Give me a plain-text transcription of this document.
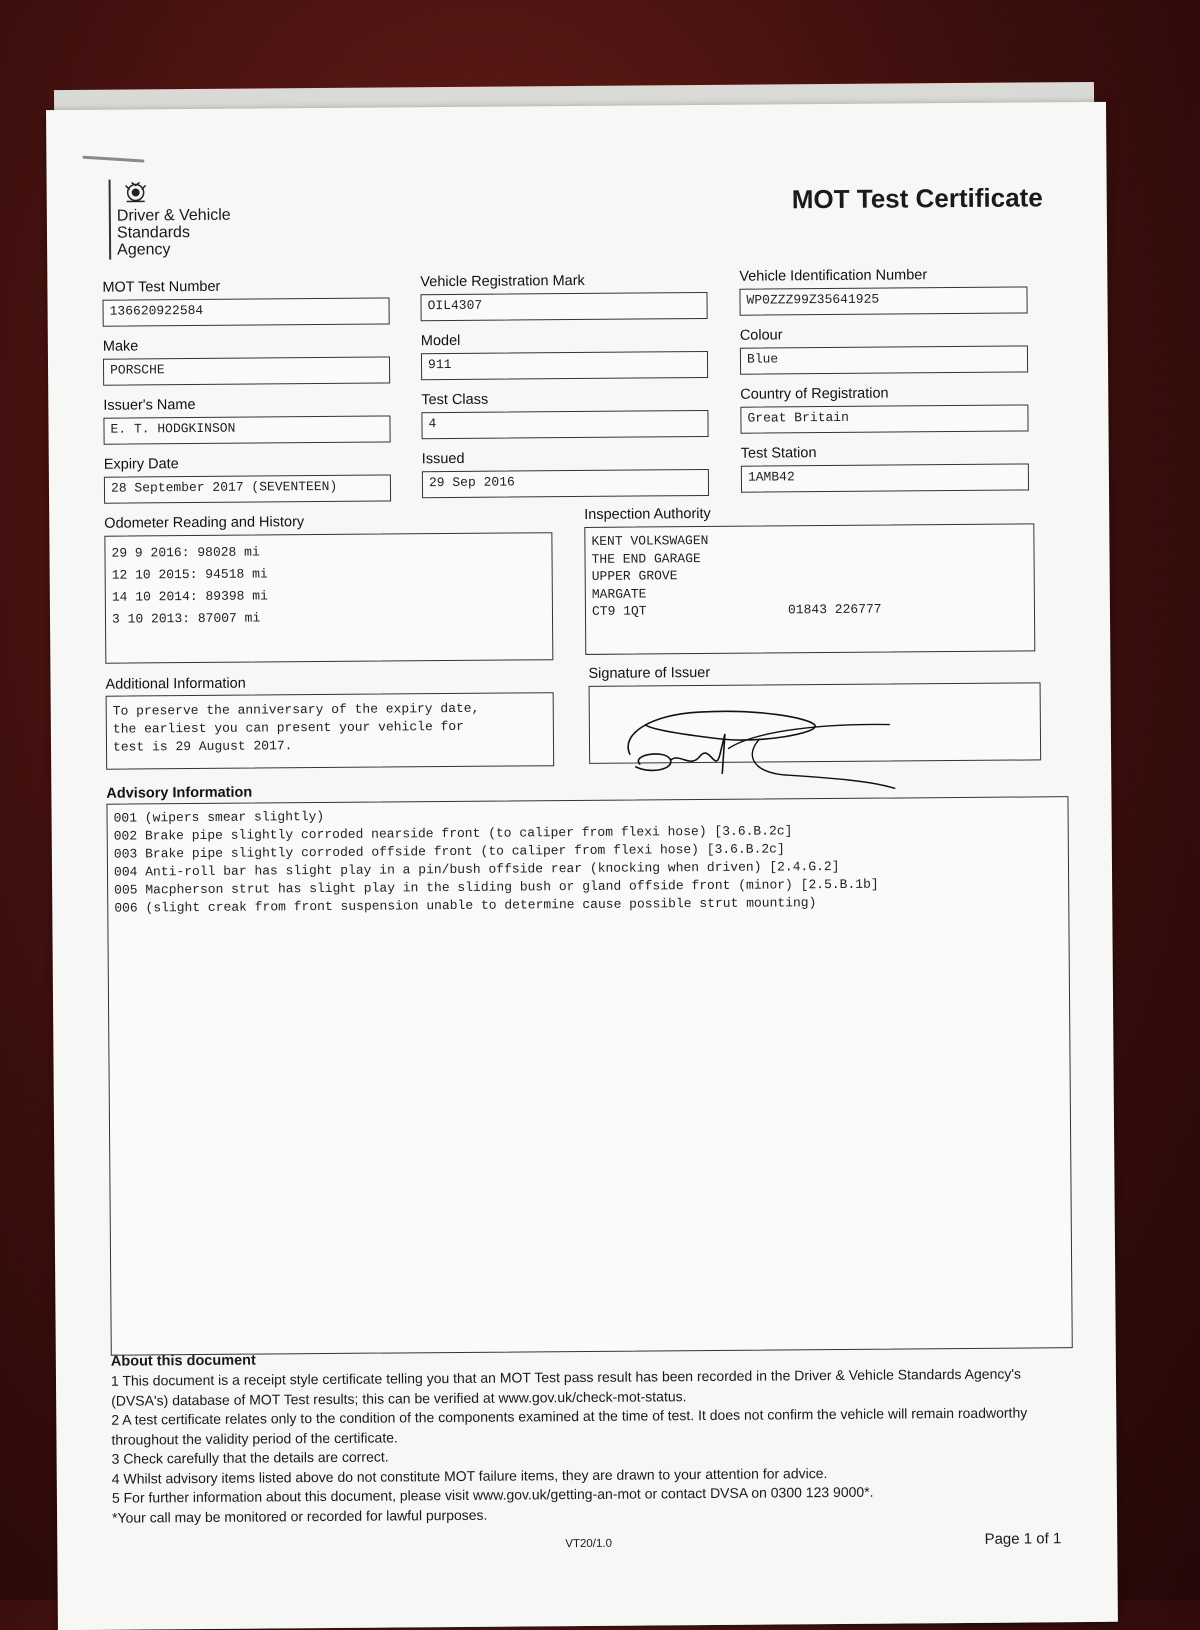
Driver & Vehicle
Standards
Agency
MOT Test Certificate
MOT Test Number
136620922584
Vehicle Registration Mark
OIL4307
Vehicle Identification Number
WP0ZZZ99Z35641925
Make
PORSCHE
Model
911
Colour
Blue
Issuer's Name
E. T. HODGKINSON
Test Class
4
Country of Registration
Great Britain
Expiry Date
28 September 2017 (SEVENTEEN)
Issued
29 Sep 2016
Test Station
1AMB42
Odometer Reading and History
29 9 2016: 98028 mi
12 10 2015: 94518 mi
14 10 2014: 89398 mi
3 10 2013: 87007 mi
Inspection Authority
KENT VOLKSWAGEN
THE END GARAGE
UPPER GROVE
MARGATE
CT9 1QT	01843 226777
Additional Information
To preserve the anniversary of the expiry date,
the earliest you can present your vehicle for
test is 29 August 2017.
Signature of Issuer
Advisory Information
001 (wipers smear slightly)
002 Brake pipe slightly corroded nearside front (to caliper from flexi hose) [3.6.B.2c]
003 Brake pipe slightly corroded offside front (to caliper from flexi hose) [3.6.B.2c]
004 Anti-roll bar has slight play in a pin/bush offside rear (knocking when driven) [2.4.G.2]
005 Macpherson strut has slight play in the sliding bush or gland offside front (minor) [2.5.B.1b]
006 (slight creak from front suspension unable to determine cause possible strut mounting)
About this document
1 This document is a receipt style certificate telling you that an MOT Test pass result has been recorded in the Driver & Vehicle Standards Agency's (DVSA's) database of MOT Test results; this can be verified at www.gov.uk/check-mot-status.
2 A test certificate relates only to the condition of the components examined at the time of test. It does not confirm the vehicle will remain roadworthy throughout the validity period of the certificate.
3 Check carefully that the details are correct.
4 Whilst advisory items listed above do not constitute MOT failure items, they are drawn to your attention for advice.
5 For further information about this document, please visit www.gov.uk/getting-an-mot or contact DVSA on 0300 123 9000*.
*Your call may be monitored or recorded for lawful purposes.
VT20/1.0	Page 1 of 1
